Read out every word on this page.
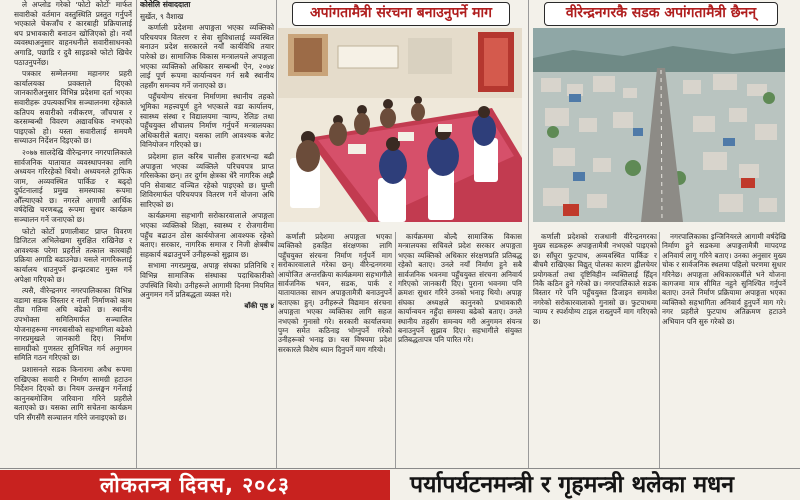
ले अप्लोड गरेको 'फोटो कोर्टो' मार्फत सवारीको वर्तमान वस्तुस्थिति प्रस्तुत गर्नुपर्ने भएकाले चेकजाँच र कारबाही प्रक्रियालाई थप प्रभावकारी बनाउन खोजिएको हो। नयाँ व्यवस्थाअनुसार वाहनधनीले सवारीसाधनको अगाडि, पछाडि र दुवै साइडको फोटो खिचेर पठाउनुपर्नेछ।

पत्रकार सम्मेलनमा महानगर प्रहरी कार्यालयका प्रवक्ताले दिएको जानकारीअनुसार विभिन्न प्रदेशमा दर्ता भएका सवारीहरू उपत्यकाभित्र सञ्चालनमा रहेकाले कतिपय सवारीको नवीकरण, जाँचपास र करसम्बन्धी विवरण अद्यावधिक नभएको पाइएको हो। यस्ता सवारीलाई समयमै सच्याउन निर्देशन दिइएको छ।

२०७७ सालदेखि वीरेन्द्रनगर नगरपालिकाले सार्वजनिक यातायात व्यवस्थापनका लागि अध्ययन गरिरहेको थियो। अध्ययनले ट्राफिक जाम, अव्यवस्थित पार्किङ र बढ्दो दुर्घटनालाई प्रमुख समस्याका रूपमा औँल्याएको छ। नगरले आगामी आर्थिक वर्षदेखि चरणबद्ध रूपमा सुधार कार्यक्रम सञ्चालन गर्ने जनाएको छ।

फोटो कोर्टो प्रणालीबाट प्राप्त विवरण डिजिटल अभिलेखमा सुरक्षित राखिनेछ र आवश्यक परेमा प्रहरीले तत्काल कारबाही प्रक्रिया अगाडि बढाउनेछ। यसले नागरिकलाई कार्यालय धाउनुपर्ने झन्झटबाट मुक्त गर्ने अपेक्षा गरिएको छ।

त्यसै, वीरेन्द्रनगर नगरपालिकाका विभिन्न वडामा सडक विस्तार र नाली निर्माणको काम तीव्र गतिमा अघि बढेको छ। स्थानीय उपभोक्ता समितिमार्फत सञ्चालित योजनाहरूमा नगरबासीको सहभागिता बढेको नगरप्रमुखले जानकारी दिए। निर्माण सामग्रीको गुणस्तर सुनिश्चित गर्न अनुगमन समिति गठन गरिएको छ।

प्रशासनले सडक किनारमा अवैध रूपमा राखिएका सवारी र निर्माण सामग्री हटाउन निर्देशन दिएको छ। नियम उल्लङ्घन गर्नेलाई कानुनबमोजिम जरिवाना गरिने प्रहरीले बताएको छ। यसका लागि सचेतना कार्यक्रम पनि सँगसँगै सञ्चालन गरिने जनाइएको छ।

कोसेलि संवाददाता

सुर्खेत, ९ वैशाख

कर्णाली प्रदेशमा अपाङ्गता भएका व्यक्तिको परिचयपत्र वितरण र सेवा सुविधालाई व्यवस्थित बनाउन प्रदेश सरकारले नयाँ कार्यविधि तयार पारेको छ। सामाजिक विकास मन्त्रालयले अपाङ्गता भएका व्यक्तिको अधिकार सम्बन्धी ऐन, २०७४ लाई पूर्ण रूपमा कार्यान्वयन गर्न सबै स्थानीय तहसँग समन्वय गर्ने जनाएको छ।

पहुँचयोग्य संरचना निर्माणमा स्थानीय तहको भूमिका महत्त्वपूर्ण हुने भएकाले वडा कार्यालय, स्वास्थ्य संस्था र विद्यालयमा र्‍याम्प, रेलिङ तथा पहुँचयुक्त शौचालय निर्माण गर्नुपर्ने मन्त्रालयका अधिकारीले बताए। यसका लागि आवश्यक बजेट विनियोजन गरिएको छ।

प्रदेशमा हाल करिब चालीस हजारभन्दा बढी अपाङ्गता भएका व्यक्तिले परिचयपत्र प्राप्त गरिसकेका छन्। तर दुर्गम क्षेत्रका धेरै नागरिक अझै पनि सेवाबाट वञ्चित रहेको पाइएको छ। घुम्ती शिविरमार्फत परिचयपत्र वितरण गर्ने योजना अघि सारिएको छ।

कार्यक्रममा सहभागी सरोकारवालाले अपाङ्गता भएका व्यक्तिको शिक्षा, स्वास्थ्य र रोजगारीमा पहुँच बढाउन ठोस कार्ययोजना आवश्यक रहेको बताए। सरकार, नागरिक समाज र निजी क्षेत्रबीच सहकार्य बढाउनुपर्ने उनीहरूको सुझाव छ।

सभामा नगरप्रमुख, अपाङ्ग संघका प्रतिनिधि र विभिन्न सामाजिक संस्थाका पदाधिकारीको उपस्थिति थियो। उनीहरूले आगामी दिनमा नियमित अनुगमन गर्ने प्रतिबद्धता व्यक्त गरे।

बाँकी पृष्ठ ४

अपांगतामैत्री संरचना बनाउनुपर्ने माग	वीरेन्द्रनगरकै सडक अपांगतामैत्री छैनन्

कर्णाली प्रदेशमा अपाङ्गता भएका व्यक्तिको हकहित संरक्षणका लागि पहुँचयुक्त संरचना निर्माण गर्नुपर्ने माग सरोकारवालाले गरेका छन्। वीरेन्द्रनगरमा आयोजित अन्तरक्रिया कार्यक्रममा सहभागीले सार्वजनिक भवन, सडक, पार्क र यातायातका साधन अपाङ्गतामैत्री बनाउनुपर्ने बताएका हुन्। उनीहरूले विद्यमान संरचना अपाङ्गता भएका व्यक्तिका लागि सहज नभएको गुनासो गरे। सरकारी कार्यालयमा पुग्न समेत कठिनाइ भोग्नुपर्ने गरेको उनीहरूको भनाइ छ। यस विषयमा प्रदेश सरकारले विशेष ध्यान दिनुपर्ने माग गरियो।

कार्यक्रममा बोल्दै सामाजिक विकास मन्त्रालयका सचिवले प्रदेश सरकार अपाङ्गता भएका व्यक्तिको अधिकार संरक्षणप्रति प्रतिबद्ध रहेको बताए। उनले नयाँ निर्माण हुने सबै सार्वजनिक भवनमा पहुँचयुक्त संरचना अनिवार्य गरिएको जानकारी दिए। पुराना भवनमा पनि क्रमशः सुधार गरिने उनको भनाइ थियो। अपाङ्ग संघका अध्यक्षले कानुनको प्रभावकारी कार्यान्वयन नहुँदा समस्या बढेको बताए। उनले स्थानीय तहसँग समन्वय गरी अनुगमन संयन्त्र बनाउनुपर्ने सुझाव दिए। सहभागीले संयुक्त प्रतिबद्धतापत्र पनि पारित गरे।

कर्णाली प्रदेशको राजधानी वीरेन्द्रनगरका मुख्य सडकहरू अपाङ्गतामैत्री नभएको पाइएको छ। साँघुरा फुटपाथ, अव्यवस्थित पार्किङ र बीचमै राखिएका विद्युत् पोलका कारण ह्वीलचेयर प्रयोगकर्ता तथा दृष्टिविहीन व्यक्तिलाई हिँड्न निकै कठिन हुने गरेको छ। नगरपालिकाले सडक विस्तार गरे पनि पहुँचयुक्त डिजाइन समावेश नगरेको सरोकारवालाको गुनासो छ। फुटपाथमा र्‍याम्प र स्पर्शयोग्य टाइल राख्नुपर्ने माग गरिएको छ।

नगरपालिकाका इन्जिनियरले आगामी वर्षदेखि निर्माण हुने सडकमा अपाङ्गतामैत्री मापदण्ड अनिवार्य लागू गरिने बताए। उनका अनुसार मुख्य चोक र सार्वजनिक स्थलमा पहिलो चरणमा सुधार गरिनेछ। अपाङ्गता अधिकारकर्मीले भने योजना कागजमा मात्र सीमित नहुने सुनिश्चित गर्नुपर्ने बताए। उनले निर्माण प्रक्रियामा अपाङ्गता भएका व्यक्तिको सहभागिता अनिवार्य हुनुपर्ने माग गरे। नगर प्रहरीले फुटपाथ अतिक्रमण हटाउने अभियान पनि सुरु गरेको छ।

लोकतन्त्र दिवस, २०८३	पर्यापर्यटनमन्त्री र गृहमन्त्री थलेका मधन
